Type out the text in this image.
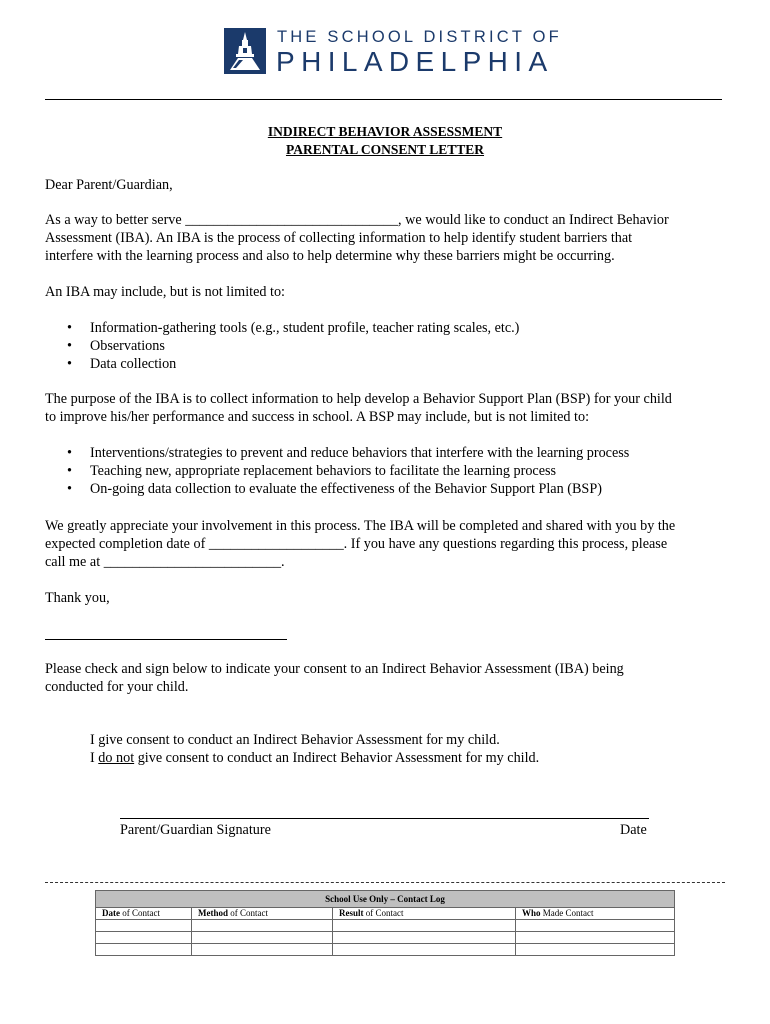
THE SCHOOL DISTRICT OF
PHILADELPHIA
INDIRECT BEHAVIOR ASSESSMENT
PARENTAL CONSENT LETTER
Dear Parent/Guardian,
As a way to better serve ______________________________, we would like to conduct an Indirect Behavior
Assessment (IBA). An IBA is the process of collecting information to help identify student barriers that
interfere with the learning process and also to help determine why these barriers might be occurring.
An IBA may include, but is not limited to:
• Information-gathering tools (e.g., student profile, teacher rating scales, etc.)
• Observations
• Data collection
The purpose of the IBA is to collect information to help develop a Behavior Support Plan (BSP) for your child
to improve his/her performance and success in school. A BSP may include, but is not limited to:
• Interventions/strategies to prevent and reduce behaviors that interfere with the learning process
• Teaching new, appropriate replacement behaviors to facilitate the learning process
• On-going data collection to evaluate the effectiveness of the Behavior Support Plan (BSP)
We greatly appreciate your involvement in this process. The IBA will be completed and shared with you by the
expected completion date of ___________________. If you have any questions regarding this process, please
call me at _________________________.
Thank you,
Please check and sign below to indicate your consent to an Indirect Behavior Assessment (IBA) being
conducted for your child.
I give consent to conduct an Indirect Behavior Assessment for my child.
I do not give consent to conduct an Indirect Behavior Assessment for my child.
Parent/Guardian Signature	Date
School Use Only – Contact Log			
Date of Contact	Method of Contact	Result of Contact	Who Made Contact
